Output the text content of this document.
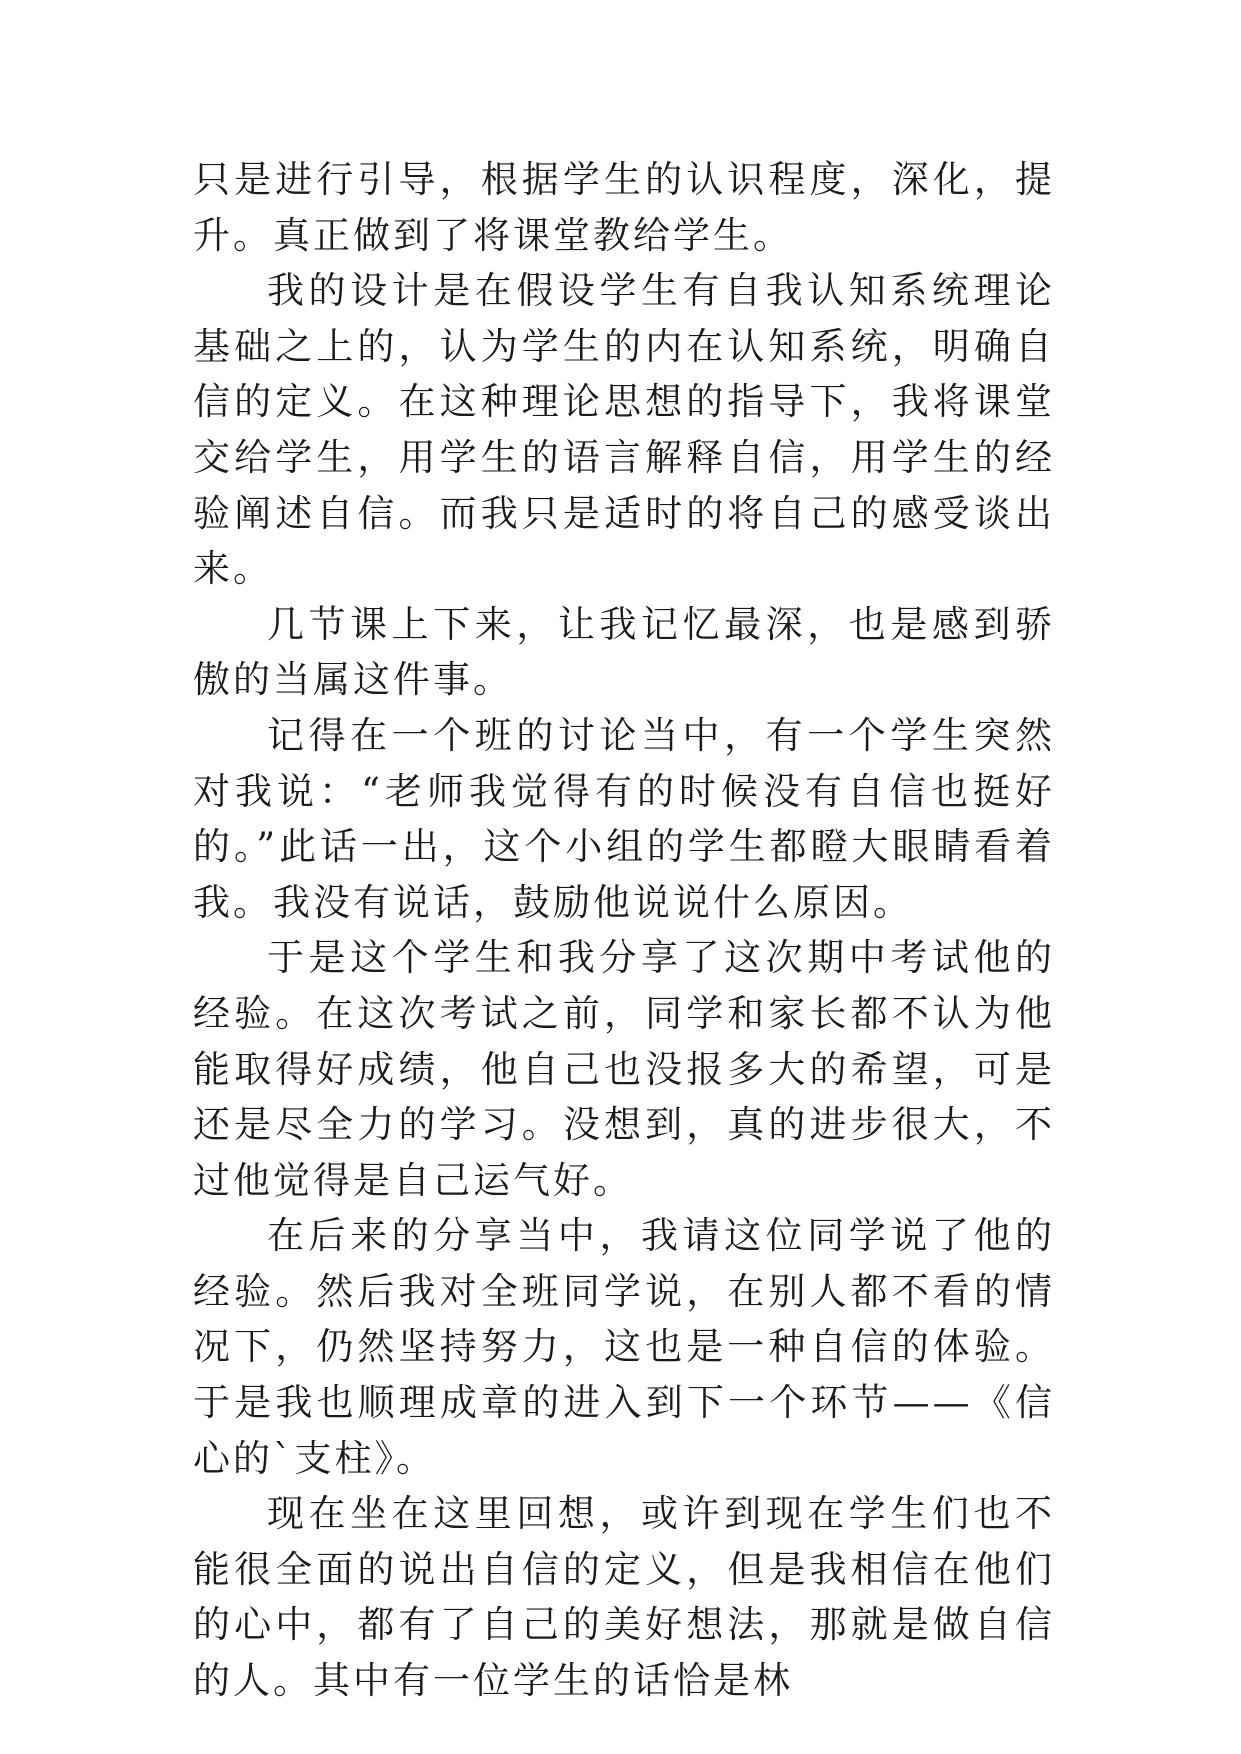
只是进行引导，根据学生的认识程度，深化，提升。真正做到了将课堂教给学生。

我的设计是在假设学生有自我认知系统理论基础之上的，认为学生的内在认知系统，明确自信的定义。在这种理论思想的指导下，我将课堂交给学生，用学生的语言解释自信，用学生的经验阐述自信。而我只是适时的将自己的感受谈出来。

几节课上下来，让我记忆最深，也是感到骄傲的当属这件事。

记得在一个班的讨论当中，有一个学生突然对我说：“老师我觉得有的时候没有自信也挺好的。”此话一出，这个小组的学生都瞪大眼睛看着我。我没有说话，鼓励他说说什么原因。

于是这个学生和我分享了这次期中考试他的经验。在这次考试之前，同学和家长都不认为他能取得好成绩，他自己也没报多大的希望，可是还是尽全力的学习。没想到，真的进步很大，不过他觉得是自己运气好。

在后来的分享当中，我请这位同学说了他的经验。然后我对全班同学说，在别人都不看的情况下，仍然坚持努力，这也是一种自信的体验。于是我也顺理成章的进入到下一个环节——《信心的`支柱》。

现在坐在这里回想，或许到现在学生们也不能很全面的说出自信的定义，但是我相信在他们的心中，都有了自己的美好想法，那就是做自信的人。其中有一位学生的话恰是林
